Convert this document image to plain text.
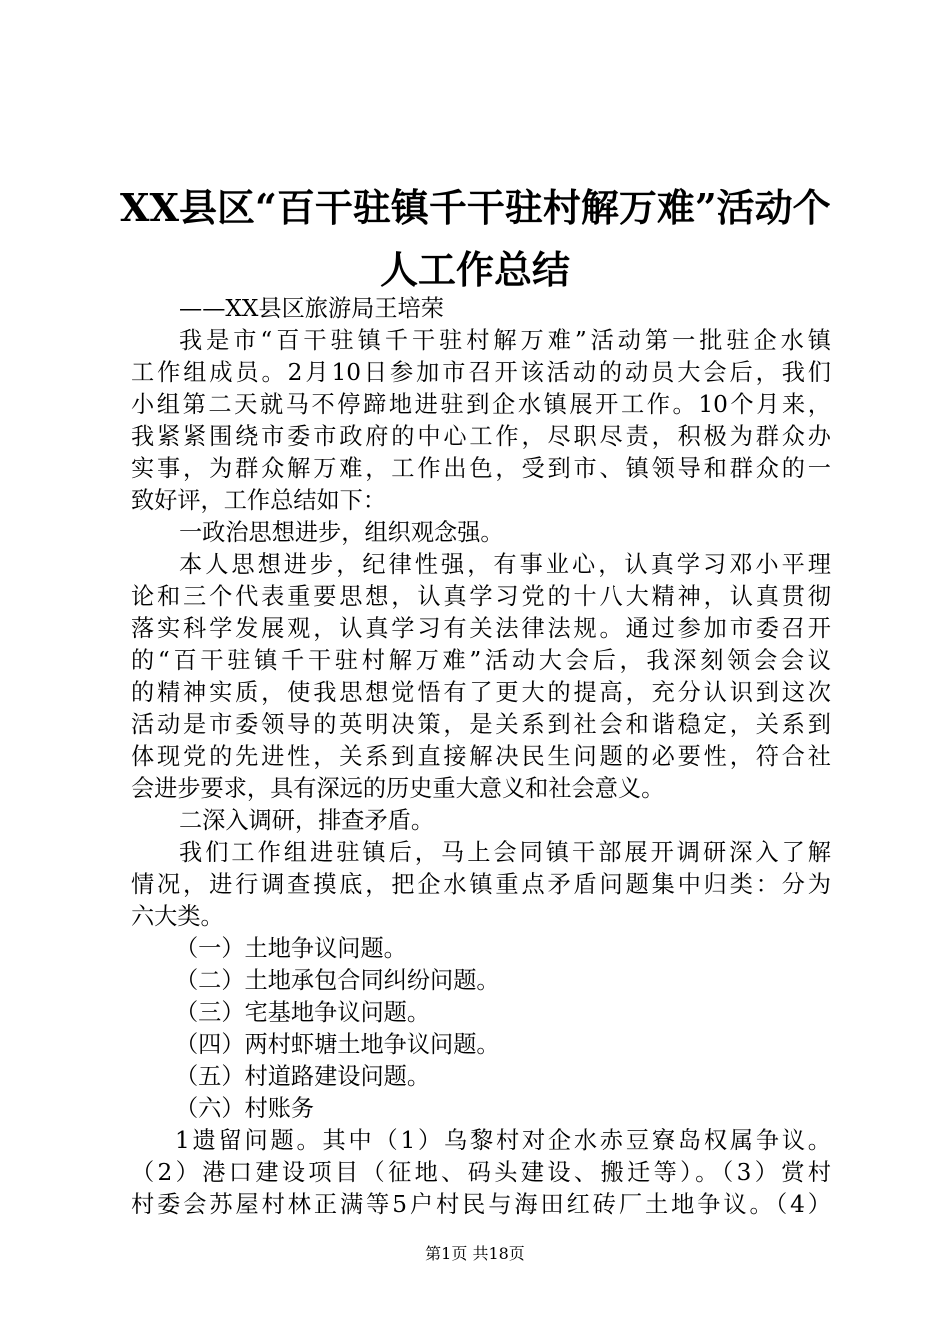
XX县区“百干驻镇千干驻村解万难”活动个
人工作总结
——XX县区旅游局王培荣
我是市“百干驻镇千干驻村解万难”活动第一批驻企水镇
工作组成员。2月10日参加市召开该活动的动员大会后，我们
小组第二天就马不停蹄地进驻到企水镇展开工作。10个月来，
我紧紧围绕市委市政府的中心工作，尽职尽责，积极为群众办
实事，为群众解万难，工作出色，受到市、镇领导和群众的一
致好评，工作总结如下：
一政治思想进步，组织观念强。
本人思想进步，纪律性强，有事业心，认真学习邓小平理
论和三个代表重要思想，认真学习党的十八大精神，认真贯彻
落实科学发展观，认真学习有关法律法规。通过参加市委召开
的“百干驻镇千干驻村解万难”活动大会后，我深刻领会会议
的精神实质，使我思想觉悟有了更大的提高，充分认识到这次
活动是市委领导的英明决策，是关系到社会和谐稳定，关系到
体现党的先进性，关系到直接解决民生问题的必要性，符合社
会进步要求，具有深远的历史重大意义和社会意义。
二深入调研，排查矛盾。
我们工作组进驻镇后，马上会同镇干部展开调研深入了解
情况，进行调查摸底，把企水镇重点矛盾问题集中归类：分为
六大类。
（一）土地争议问题。
（二）土地承包合同纠纷问题。
（三）宅基地争议问题。
（四）两村虾塘土地争议问题。
（五）村道路建设问题。
（六）村账务
1遗留问题。其中（1）乌黎村对企水赤豆寮岛权属争议。
（2）港口建设项目（征地、码头建设、搬迁等）。（3）赏村
村委会苏屋村林正满等5户村民与海田红砖厂土地争议。（4）
第1页 共18页
